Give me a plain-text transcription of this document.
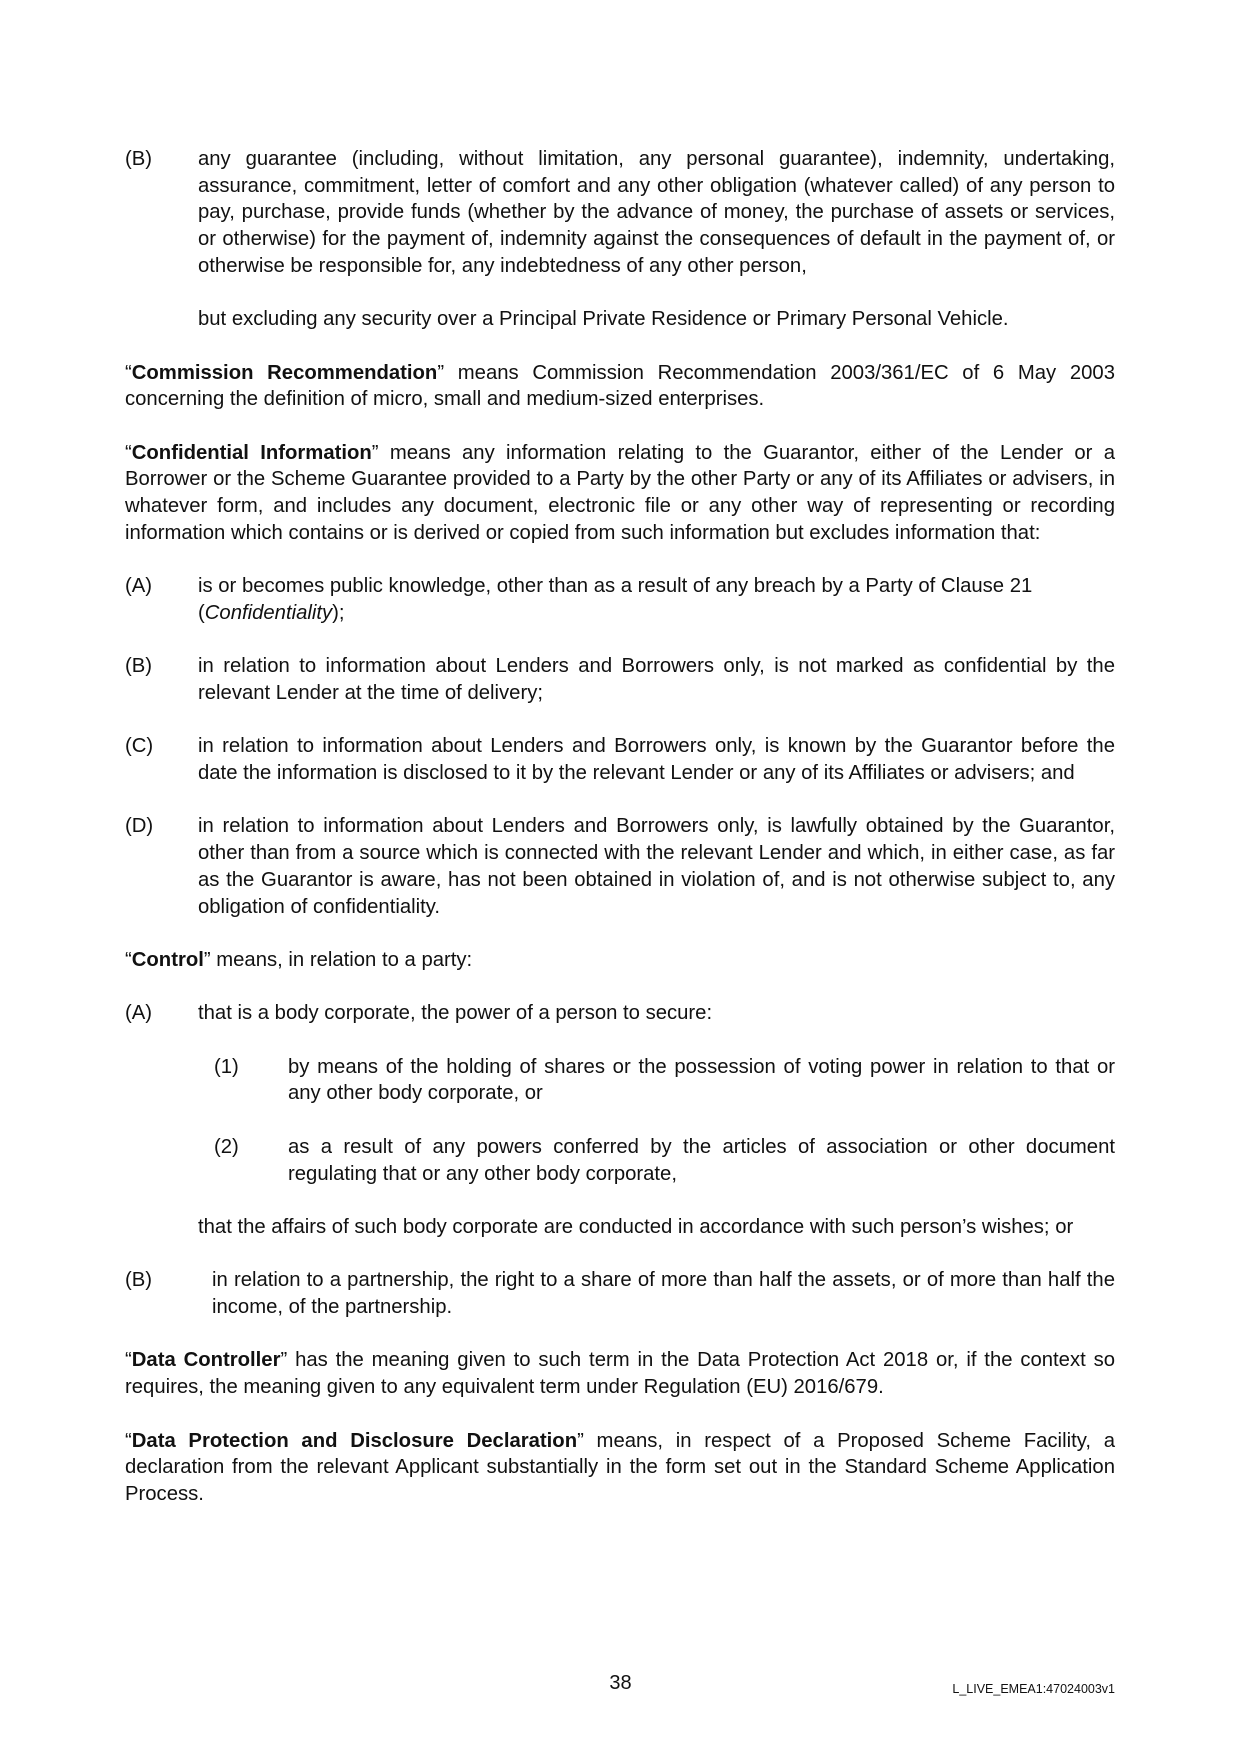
(B) any guarantee (including, without limitation, any personal guarantee), indemnity, undertaking, assurance, commitment, letter of comfort and any other obligation (whatever called) of any person to pay, purchase, provide funds (whether by the advance of money, the purchase of assets or services, or otherwise) for the payment of, indemnity against the consequences of default in the payment of, or otherwise be responsible for, any indebtedness of any other person,

but excluding any security over a Principal Private Residence or Primary Personal Vehicle.

“Commission Recommendation” means Commission Recommendation 2003/361/EC of 6 May 2003 concerning the definition of micro, small and medium-sized enterprises.

“Confidential Information” means any information relating to the Guarantor, either of the Lender or a Borrower or the Scheme Guarantee provided to a Party by the other Party or any of its Affiliates or advisers, in whatever form, and includes any document, electronic file or any other way of representing or recording information which contains or is derived or copied from such information but excludes information that:

(A) is or becomes public knowledge, other than as a result of any breach by a Party of Clause 21 (Confidentiality);

(B) in relation to information about Lenders and Borrowers only, is not marked as confidential by the relevant Lender at the time of delivery;

(C) in relation to information about Lenders and Borrowers only, is known by the Guarantor before the date the information is disclosed to it by the relevant Lender or any of its Affiliates or advisers; and

(D) in relation to information about Lenders and Borrowers only, is lawfully obtained by the Guarantor, other than from a source which is connected with the relevant Lender and which, in either case, as far as the Guarantor is aware, has not been obtained in violation of, and is not otherwise subject to, any obligation of confidentiality.

“Control” means, in relation to a party:

(A) that is a body corporate, the power of a person to secure:

(1) by means of the holding of shares or the possession of voting power in relation to that or any other body corporate, or

(2) as a result of any powers conferred by the articles of association or other document regulating that or any other body corporate,

that the affairs of such body corporate are conducted in accordance with such person’s wishes; or

(B)	in relation to a partnership, the right to a share of more than half the assets, or of more than half the income, of the partnership.

“Data Controller” has the meaning given to such term in the Data Protection Act 2018 or, if the context so requires, the meaning given to any equivalent term under Regulation (EU) 2016/679.

“Data Protection and Disclosure Declaration” means, in respect of a Proposed Scheme Facility, a declaration from the relevant Applicant substantially in the form set out in the Standard Scheme Application Process.

38	L_LIVE_EMEA1:47024003v1
